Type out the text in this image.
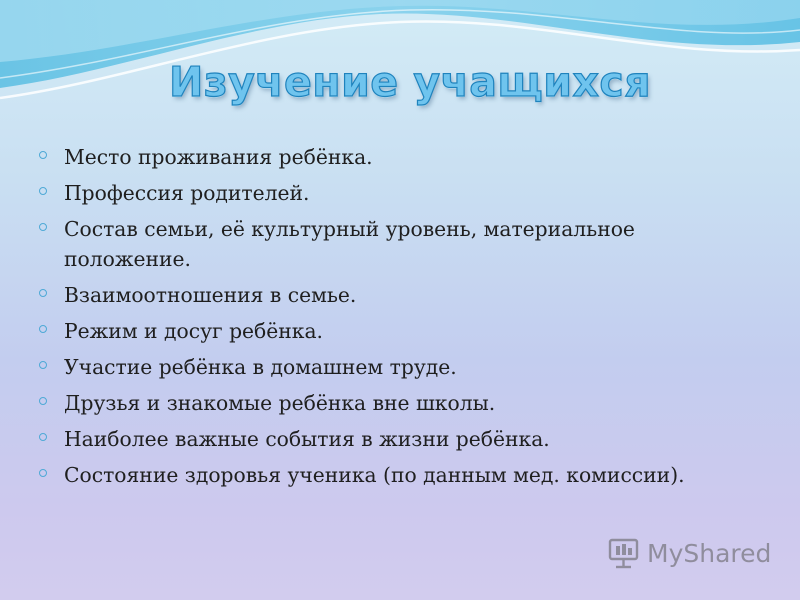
Изучение учащихся
Место проживания ребёнка.
Профессия родителей.
Состав семьи, её культурный уровень, материальное положение.
Взаимоотношения в семье.
Режим и досуг ребёнка.
Участие ребёнка в домашнем труде.
Друзья и знакомые ребёнка вне школы.
Наиболее важные события в жизни ребёнка.
Состояние здоровья ученика (по данным мед. комиссии).
MyShared
